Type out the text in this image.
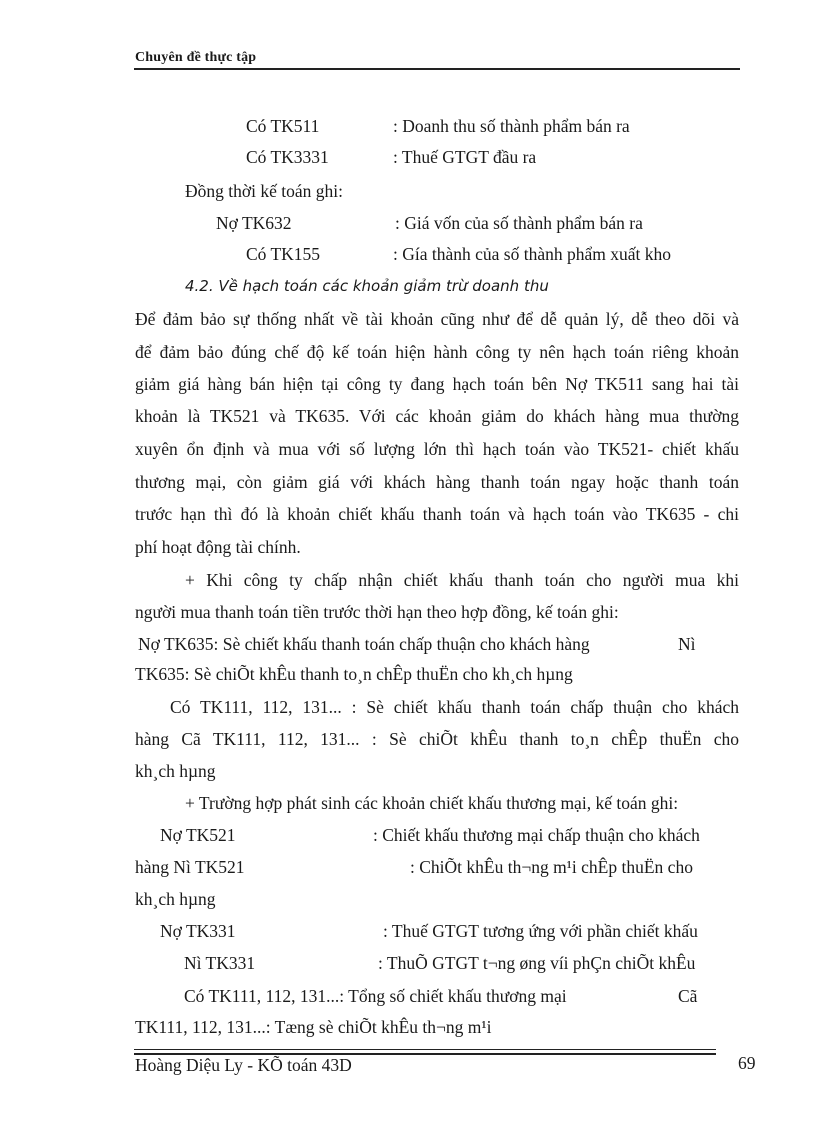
Chuyên đề thực tập
Có TK511	: Doanh thu số thành phẩm bán ra
Có TK3331	: Thuế GTGT đầu ra
Đồng thời kế toán ghi:
Nợ TK632	: Giá vốn của số thành phẩm bán ra
Có TK155	: Gía thành của số thành phẩm xuất kho
4.2. Về hạch toán các khoản giảm trừ doanh thu
Để đảm bảo sự thống nhất về tài khoản cũng như để dễ quản lý, dễ theo dõi và
để đảm bảo đúng chế độ kế toán hiện hành công ty nên hạch toán riêng khoản
giảm giá hàng bán hiện tại công ty đang hạch toán bên Nợ TK511 sang hai tài
khoản là TK521 và TK635. Với các khoản giảm do khách hàng mua thường
xuyên ổn định và mua với số lượng lớn thì hạch toán vào TK521- chiết khấu
thương mại, còn giảm giá với khách hàng thanh toán ngay hoặc thanh toán
trước hạn thì đó là khoản chiết khấu thanh toán và hạch toán vào TK635 - chi
phí hoạt động tài chính.
+ Khi công ty chấp nhận chiết khấu thanh toán cho người mua khi
người mua thanh toán tiền trước thời hạn theo hợp đồng, kế toán ghi:
Nợ TK635: Sè chiết khấu thanh toán chấp thuận cho khách hàng	Nì
TK635: Sè chiÕt khÊu thanh to¸n chÊp thuËn cho kh¸ch hµng
Có TK111, 112, 131... : Sè chiết khấu thanh toán chấp thuận cho khách
hàng Cã TK111, 112, 131... : Sè chiÕt khÊu thanh to¸n chÊp thuËn cho
kh¸ch hµng
+ Trường hợp phát sinh các khoản chiết khấu thương mại, kế toán ghi:
Nợ TK521	: Chiết khấu thương mại chấp thuận cho khách
hàng Nì TK521	: ChiÕt khÊu th¬ng m¹i chÊp thuËn cho
kh¸ch hµng
Nợ TK331	: Thuế GTGT tương ứng với phần chiết khấu
Nì TK331	: ThuÕ GTGT t¬ng øng víi phÇn chiÕt khÊu
Có TK111, 112, 131...: Tổng số chiết khấu thương mại	Cã
TK111, 112, 131...: Tæng sè chiÕt khÊu th¬ng m¹i
Hoàng Diệu Ly - KÕ toán 43D	69
